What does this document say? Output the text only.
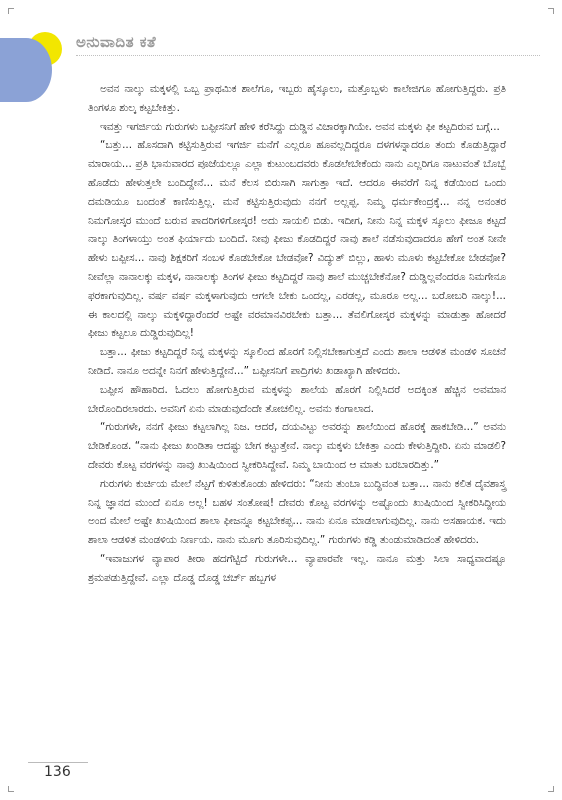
ಅನುವಾದಿತ ಕತೆ

ಅವನ ನಾಲ್ಕು ಮಕ್ಕಳಲ್ಲಿ ಒಬ್ಬ ಪ್ರಾಥಮಿಕ ಶಾಲೆಗೂ, ಇಬ್ಬರು ಹೈಸ್ಕೂಲು, ಮತ್ತೊಬ್ಬಳು ಕಾಲೇಜಿಗೂ ಹೋಗುತ್ತಿದ್ದರು. ಪ್ರತಿ ತಿಂಗಳೂ ಶುಲ್ಕ ಕಟ್ಟಬೇಕಿತ್ತು.

ಇವತ್ತು ಇಗರ್ಜಿಯ ಗುರುಗಳು ಬಪ್ಪೀಸನಿಗೆ ಹೇಳಿ ಕರೆಸಿದ್ದು ದುಡ್ಡಿನ ವಿಚಾರಕ್ಕಾಗಿಯೇ. ಅವನ ಮಕ್ಕಳು ಫೀ ಕಟ್ಟದಿರುವ ಬಗ್ಗೆ...

“ಬತ್ತು... ಹೊಸದಾಗಿ ಕಟ್ಟಿಸುತ್ತಿರುವ ಇಗರ್ಜಿ ಮನೆಗೆ ಎಲ್ಲರೂ ಹೂವಲ್ಲದಿದ್ದರೂ ದಳಗಳನ್ನಾದರೂ ತಂದು ಕೊಡುತ್ತಿದ್ದಾರೆ ಮಾರಾಯ... ಪ್ರತಿ ಭಾನುವಾರದ ಪೂಜೆಯಲ್ಲೂ ಎಲ್ಲಾ ಕುಟುಂಬದವರು ಕೊಡಲೇಬೇಕೆಂದು ನಾನು ಎಲ್ಲರಿಗೂ ನಾಟುವಂತೆ ಬೊಬ್ಬೆ ಹೊಡೆದು ಹೇಳುತ್ತಲೇ ಬಂದಿದ್ದೇನೆ... ಮನೆ ಕೆಲಸ ಬಿರುಸಾಗಿ ಸಾಗುತ್ತಾ ಇದೆ. ಆದರೂ ಈವರೆಗೆ ನಿನ್ನ ಕಡೆಯಿಂದ ಒಂದು ದಮಡಿಯೂ ಬಂದಂತೆ ಕಾಣಿಸುತ್ತಿಲ್ಲ. ಮನೆ ಕಟ್ಟಿಸುತ್ತಿರುವುದು ನನಗೆ ಅಲ್ಲಪ್ಪ. ನಿಮ್ಮ ಧರ್ಮಕೇಂದ್ರಕ್ಕೆ... ನನ್ನ ಅನಂತರ ನಿಮಗೋಸ್ಕರ ಮುಂದೆ ಬರುವ ಪಾದರಿಗಳಿಗೋಸ್ಕರ! ಅದು ಸಾಯಲಿ ಬಿಡು. ಇದೀಗ, ನೀನು ನಿನ್ನ ಮಕ್ಕಳ ಸ್ಕೂಲು ಫೀಜೂ ಕಟ್ಟದೆ ನಾಲ್ಕು ತಿಂಗಳಾಯ್ತು ಅಂತ ಫಿರ್ಯಾದು ಬಂದಿದೆ. ನೀವು ಫೀಜು ಕೊಡದಿದ್ದರೆ ನಾವು ಶಾಲೆ ನಡೆಸುವುದಾದರೂ ಹೇಗೆ ಅಂತ ನೀನೇ ಹೇಳು ಬಪ್ಪೀಸ... ನಾವು ಶಿಕ್ಷಕರಿಗೆ ಸಂಬಳ ಕೊಡಬೇಕೋ ಬೇಡವೋ? ವಿದ್ಯುತ್ ಬಿಲ್ಲು, ಹಾಳು ಮೂಳು ಕಟ್ಟಬೇಕೋ ಬೇಡವೋ? ನೀವೆಲ್ಲಾ ನಾನಾಲಕ್ಕು ಮಕ್ಕಳ, ನಾನಾಲಕ್ಕು ತಿಂಗಳ ಫೀಜು ಕಟ್ಟದಿದ್ದರೆ ನಾವು ಶಾಲೆ ಮುಚ್ಚಬೇಕೆನೋ? ದುಡ್ಡಿಲ್ಲವೆಂದರೂ ನಿಮಗೇನೂ ಫರಕಾಗುವುದಿಲ್ಲ. ವರ್ಷ ವರ್ಷ ಮಕ್ಕಳಾಗುವುದು ಆಗಲೇ ಬೇಕು ಒಂದಲ್ಲ, ಎರಡಲ್ಲ, ಮೂರೂ ಅಲ್ಲ... ಬರೋಬರಿ ನಾಲ್ಕು!... ಈ ಕಾಲದಲ್ಲಿ ನಾಲ್ಕು ಮಕ್ಕಳಿದ್ದಾರೆಂದರೆ ಅಷ್ಟೇ ವರಮಾನವಿರಬೇಕು ಬತ್ತಾ... ತೆವಲಿಗೋಸ್ಕರ ಮಕ್ಕಳನ್ನು ಮಾಡುತ್ತಾ ಹೋದರೆ ಫೀಜು ಕಟ್ಟಲೂ ದುಡ್ಡಿರುವುದಿಲ್ಲ!

ಬತ್ತಾ... ಫೀಜು ಕಟ್ಟದಿದ್ದರೆ ನಿನ್ನ ಮಕ್ಕಳನ್ನು ಸ್ಕೂಲಿಂದ ಹೊರಗೆ ನಿಲ್ಲಿಸಬೇಕಾಗುತ್ತದೆ ಎಂದು ಶಾಲಾ ಆಡಳಿತ ಮಂಡಳಿ ಸೂಚನೆ ನೀಡಿದೆ. ನಾನೂ ಅದನ್ನೇ ನಿನಗೆ ಹೇಳುತ್ತಿದ್ದೇನೆ...” ಬಪ್ಪೀಸನಿಗೆ ಪಾದ್ರಿಗಳು ಖಡಾಖ್ಯಾಗಿ ಹೇಳಿದರು.

ಬಪ್ಪೀಸ ಹೌಹಾರಿದ. ಓದಲು ಹೋಗುತ್ತಿರುವ ಮಕ್ಕಳನ್ನು ಶಾಲೆಯ ಹೊರಗೆ ನಿಲ್ಲಿಸಿದರೆ ಅದಕ್ಕಿಂತ ಹೆಚ್ಚಿನ ಅವಮಾನ ಬೇರೊಂದಿರಲಾರದು. ಅವನಿಗೆ ಏನು ಮಾಡುವುದೆಂದೇ ತೋಚಲಿಲ್ಲ. ಅವನು ಕಂಗಾಲಾದ.

“ಗುರುಗಳೇ, ನನಗೆ ಫೀಜು ಕಟ್ಟಲಾಗಿಲ್ಲ ನಿಜ. ಆದರೆ, ದಯವಿಟ್ಟು ಅವರನ್ನು ಶಾಲೆಯಿಂದ ಹೊರಕ್ಕೆ ಹಾಕಬೇಡಿ...” ಅವನು ಬೇಡಿಕೊಂಡ. “ನಾನು ಫೀಜು ಖಂಡಿತಾ ಆದಷ್ಟು ಬೇಗ ಕಟ್ಟುತ್ತೇನೆ. ನಾಲ್ಕು ಮಕ್ಕಳು ಬೇಕಿತ್ತಾ ಎಂದು ಕೇಳುತ್ತಿದ್ದೀರಿ. ಏನು ಮಾಡಲಿ? ದೇವರು ಕೊಟ್ಟ ವರಗಳನ್ನು ನಾವು ಖುಷಿಯಿಂದ ಸ್ವೀಕರಿಸಿದ್ದೇವೆ. ನಿಮ್ಮ ಬಾಯಿಂದ ಆ ಮಾತು ಬರಬಾರದಿತ್ತು.”

ಗುರುಗಳು ಕುರ್ಚಿಯ ಮೇಲೆ ನೆಟ್ಟಗೆ ಕುಳಿತುಕೊಂಡು ಹೇಳಿದರು: “ನೀನು ತುಂಬಾ ಬುದ್ಧಿವಂತ ಬತ್ತಾ... ನಾನು ಕಲಿತ ದೈವಶಾಸ್ತ್ರ ನಿನ್ನ ಜ್ಞಾನದ ಮುಂದೆ ಏನೂ ಅಲ್ಲ! ಬಹಳ ಸಂತೋಷ! ದೇವರು ಕೊಟ್ಟ ವರಗಳನ್ನು ಅಷ್ಟೊಂದು ಖುಷಿಯಿಂದ ಸ್ವೀಕರಿಸಿದ್ದೀಯ ಅಂದ ಮೇಲೆ ಅಷ್ಟೇ ಖುಷಿಯಿಂದ ಶಾಲಾ ಫೀಜನ್ನೂ ಕಟ್ಟಬೇಕಪ್ಪ... ನಾನು ಏನೂ ಮಾಡಲಾಗುವುದಿಲ್ಲ. ನಾನು ಅಸಹಾಯಕ. ಇದು ಶಾಲಾ ಆಡಳಿತ ಮಂಡಳಿಯ ನಿರ್ಣಯ. ನಾನು ಮೂಗು ತೂರಿಸುವುದಿಲ್ಲ.” ಗುರುಗಳು ಕಡ್ಡಿ ತುಂಡುಮಾಡಿದಂತೆ ಹೇಳಿದರು.

“ಇವಾಜುಗಳ ವ್ಯಾಪಾರ ತೀರಾ ಹದಗೆಟ್ಟಿದೆ ಗುರುಗಳೇ... ವ್ಯಾಪಾರವೇ ಇಲ್ಲ. ನಾನೂ ಮತ್ತು ಸಿಲಾ ಸಾಧ್ಯವಾದಷ್ಟೂ ಶ್ರಮಪಡುತ್ತಿದ್ದೇವೆ. ಎಲ್ಲಾ ದೊಡ್ಡ ದೊಡ್ಡ ಚರ್ಚ್ ಹಬ್ಬಗಳ

136
